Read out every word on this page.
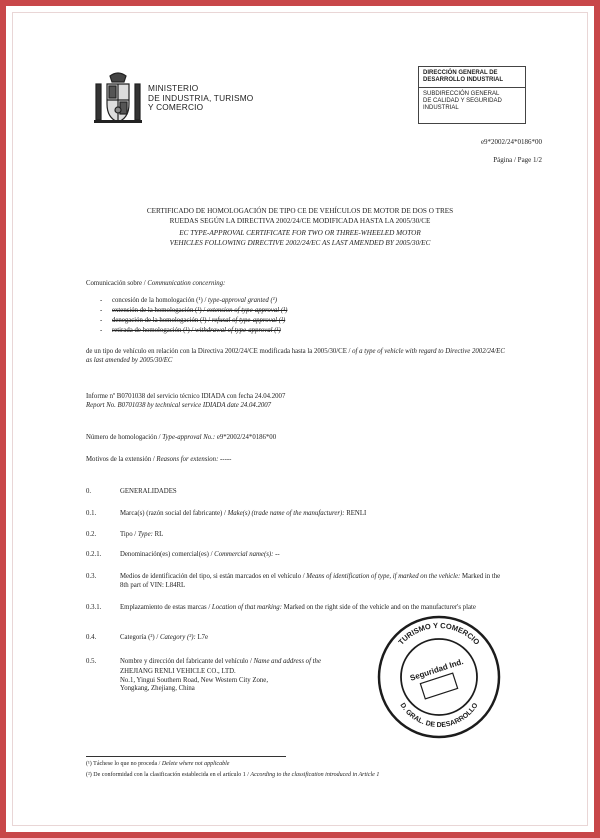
MINISTERIO
DE INDUSTRIA, TURISMO
Y COMERCIO
DIRECCIÓN GENERAL DE
DESARROLLO INDUSTRIAL
SUBDIRECCIÓN GENERAL
DE CALIDAD Y SEGURIDAD
INDUSTRIAL
e9*2002/24*0186*00
Página / Page 1/2
CERTIFICADO DE HOMOLOGACIÓN DE TIPO CE DE VEHÍCULOS DE MOTOR DE DOS O TRES
RUEDAS SEGÚN LA DIRECTIVA 2002/24/CE MODIFICADA HASTA LA 2005/30/CE
EC TYPE-APPROVAL CERTIFICATE FOR TWO OR THREE-WHEELED MOTOR
VEHICLES FOLLOWING DIRECTIVE 2002/24/EC AS LAST AMENDED BY 2005/30/EC
Comunicación sobre / Communication concerning:
- concesión de la homologación (¹) / type-approval granted (¹)
- extensión de la homologación (¹) / extension of type-approval (¹)
- denegación de la homologación (¹) / refusal of type-approval (¹)
- retirada de homologación (¹) / withdrawal of type-approval (¹)
de un tipo de vehículo en relación con la Directiva 2002/24/CE modificada hasta la 2005/30/CE / of a type of vehicle with regard to Directive 2002/24/EC as last amended by 2005/30/EC
Informe nº B0701038 del servicio técnico IDIADA con fecha 24.04.2007
Report No. B0701038 by technical service IDIADA date 24.04.2007
Número de homologación / Type-approval No.: e9*2002/24*0186*00
Motivos de la extensión / Reasons for extension: -----
0.	GENERALIDADES
0.1.	Marca(s) (razón social del fabricante) / Make(s) (trade name of the manufacturer): RENLI
0.2.	Tipo / Type: RL
0.2.1.	Denominación(es) comercial(es) / Commercial name(s): --
0.3.	Medios de identificación del tipo, si están marcados en el vehículo / Means of identification of type, if marked on the vehicle: Marked in the 8th part of VIN: L84RL
0.3.1.	Emplazamiento de estas marcas / Location of that marking: Marked on the right side of the vehicle and on the manufacturer's plate
0.4.	Categoría (²) / Category (²): L7e
0.5.	Nombre y dirección del fabricante del vehículo / Name and address of the
ZHEJIANG RENLI VEHICLE CO., LTD.
No.1, Yingui Southern Road, New Western City Zone,
Yongkang, Zhejiang, China
TURISMO Y COMERCIO
D. GRAL. DE DESARROLLO
Seguridad Ind.
(¹) Táchese lo que no proceda / Delete where not applicable
(²) De conformidad con la clasificación establecida en el artículo 1 / According to the classification introduced in Article 1
